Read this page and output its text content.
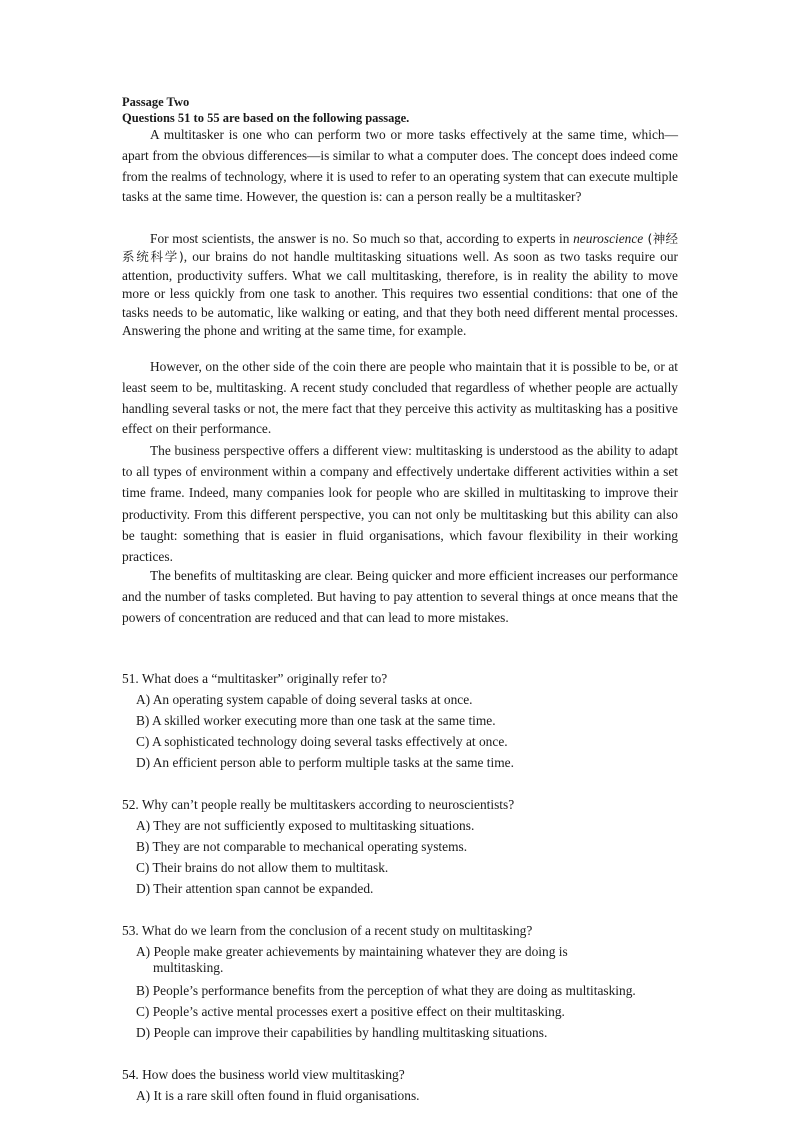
Passage Two
Questions 51 to 55 are based on the following passage.

A multitasker is one who can perform two or more tasks effectively at the same time, which—apart from the obvious differences—is similar to what a computer does. The concept does indeed come from the realms of technology, where it is used to refer to an operating system that can execute multiple tasks at the same time. However, the question is: can a person really be a multitasker?

For most scientists, the answer is no. So much so that, according to experts in neuroscience (神经系统科学), our brains do not handle multitasking situations well. As soon as two tasks require our attention, productivity suffers. What we call multitasking, therefore, is in reality the ability to move more or less quickly from one task to another. This requires two essential conditions: that one of the tasks needs to be automatic, like walking or eating, and that they both need different mental processes. Answering the phone and writing at the same time, for example.

However, on the other side of the coin there are people who maintain that it is possible to be, or at least seem to be, multitasking. A recent study concluded that regardless of whether people are actually handling several tasks or not, the mere fact that they perceive this activity as multitasking has a positive effect on their performance.

The business perspective offers a different view: multitasking is understood as the ability to adapt to all types of environment within a company and effectively undertake different activities within a set time frame. Indeed, many companies look for people who are skilled in multitasking to improve their productivity. From this different perspective, you can not only be multitasking but this ability can also be taught: something that is easier in fluid organisations, which favour flexibility in their working practices.

The benefits of multitasking are clear. Being quicker and more efficient increases our performance and the number of tasks completed. But having to pay attention to several things at once means that the powers of concentration are reduced and that can lead to more mistakes.

51. What does a “multitasker” originally refer to?
A) An operating system capable of doing several tasks at once.
B) A skilled worker executing more than one task at the same time.
C) A sophisticated technology doing several tasks effectively at once.
D) An efficient person able to perform multiple tasks at the same time.
52. Why can’t people really be multitaskers according to neuroscientists?
A) They are not sufficiently exposed to multitasking situations.
B) They are not comparable to mechanical operating systems.
C) Their brains do not allow them to multitask.
D) Their attention span cannot be expanded.
53. What do we learn from the conclusion of a recent study on multitasking?
A) People make greater achievements by maintaining whatever they are doing is
multitasking.
B) People’s performance benefits from the perception of what they are doing as multitasking.
C) People’s active mental processes exert a positive effect on their multitasking.
D) People can improve their capabilities by handling multitasking situations.
54. How does the business world view multitasking?
A) It is a rare skill often found in fluid organisations.
